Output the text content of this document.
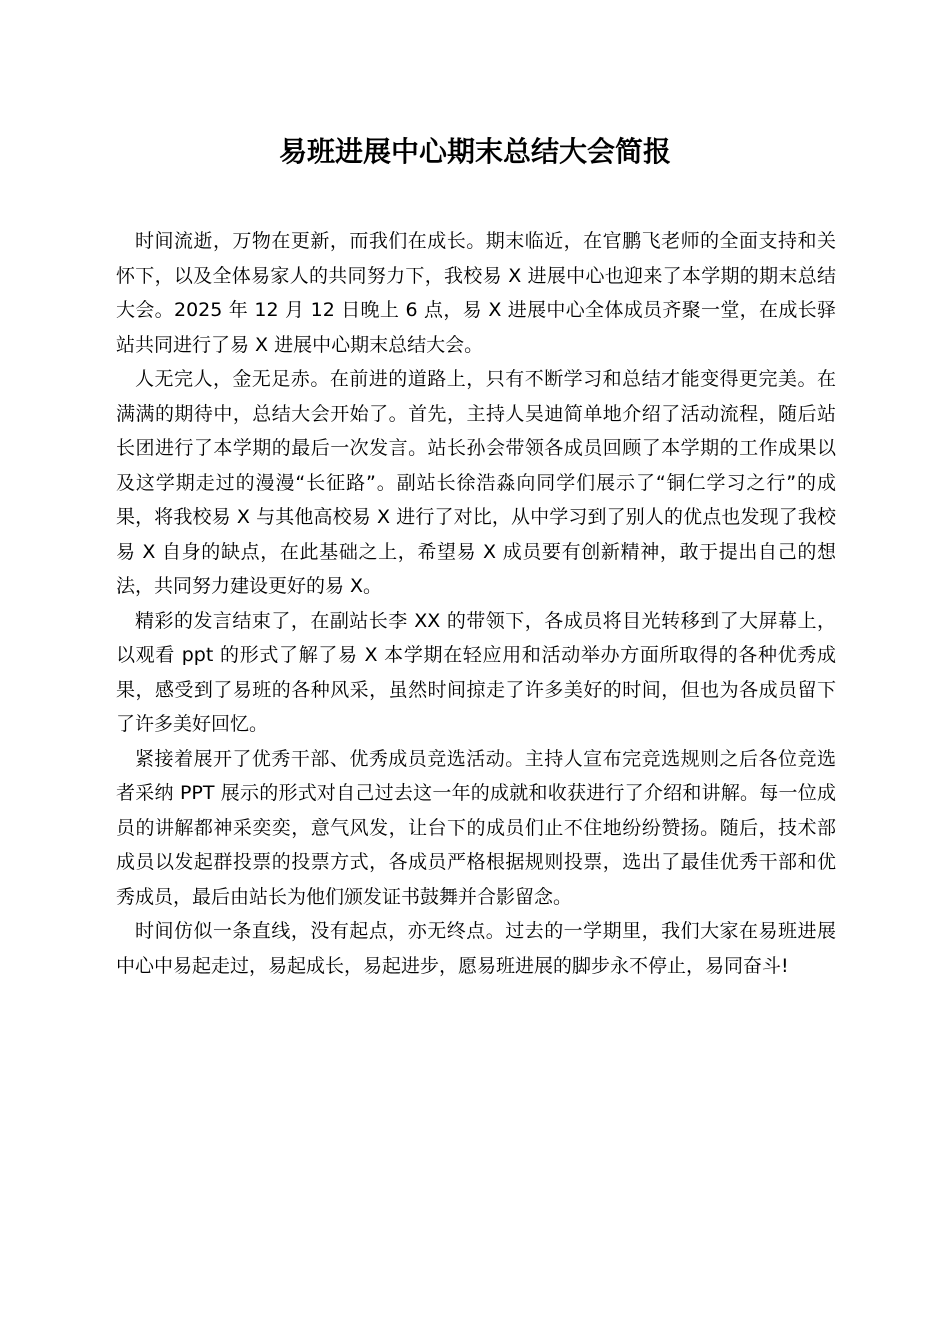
易班进展中心期末总结大会简报

时间流逝，万物在更新，而我们在成长。期末临近，在官鹏飞老师的全面支持和关怀下，以及全体易家人的共同努力下，我校易 X 进展中心也迎来了本学期的期末总结大会。2025 年 12 月 12 日晚上 6 点，易 X 进展中心全体成员齐聚一堂，在成长驿站共同进行了易 X 进展中心期末总结大会。

人无完人，金无足赤。在前进的道路上，只有不断学习和总结才能变得更完美。在满满的期待中，总结大会开始了。首先，主持人吴迪简单地介绍了活动流程，随后站长团进行了本学期的最后一次发言。站长孙会带领各成员回顾了本学期的工作成果以及这学期走过的漫漫“长征路”。副站长徐浩淼向同学们展示了“铜仁学习之行”的成果，将我校易 X 与其他高校易 X 进行了对比，从中学习到了别人的优点也发现了我校易 X 自身的缺点，在此基础之上，希望易 X 成员要有创新精神，敢于提出自己的想法，共同努力建设更好的易 X。

精彩的发言结束了，在副站长李 XX 的带领下，各成员将目光转移到了大屏幕上，以观看 ppt 的形式了解了易 X 本学期在轻应用和活动举办方面所取得的各种优秀成果，感受到了易班的各种风采，虽然时间掠走了许多美好的时间，但也为各成员留下了许多美好回忆。

紧接着展开了优秀干部、优秀成员竞选活动。主持人宣布完竞选规则之后各位竞选者采纳 PPT 展示的形式对自己过去这一年的成就和收获进行了介绍和讲解。每一位成员的讲解都神采奕奕，意气风发，让台下的成员们止不住地纷纷赞扬。随后，技术部成员以发起群投票的投票方式，各成员严格根据规则投票，选出了最佳优秀干部和优秀成员，最后由站长为他们颁发证书鼓舞并合影留念。

时间仿似一条直线，没有起点，亦无终点。过去的一学期里，我们大家在易班进展中心中易起走过，易起成长，易起进步，愿易班进展的脚步永不停止，易同奋斗!
